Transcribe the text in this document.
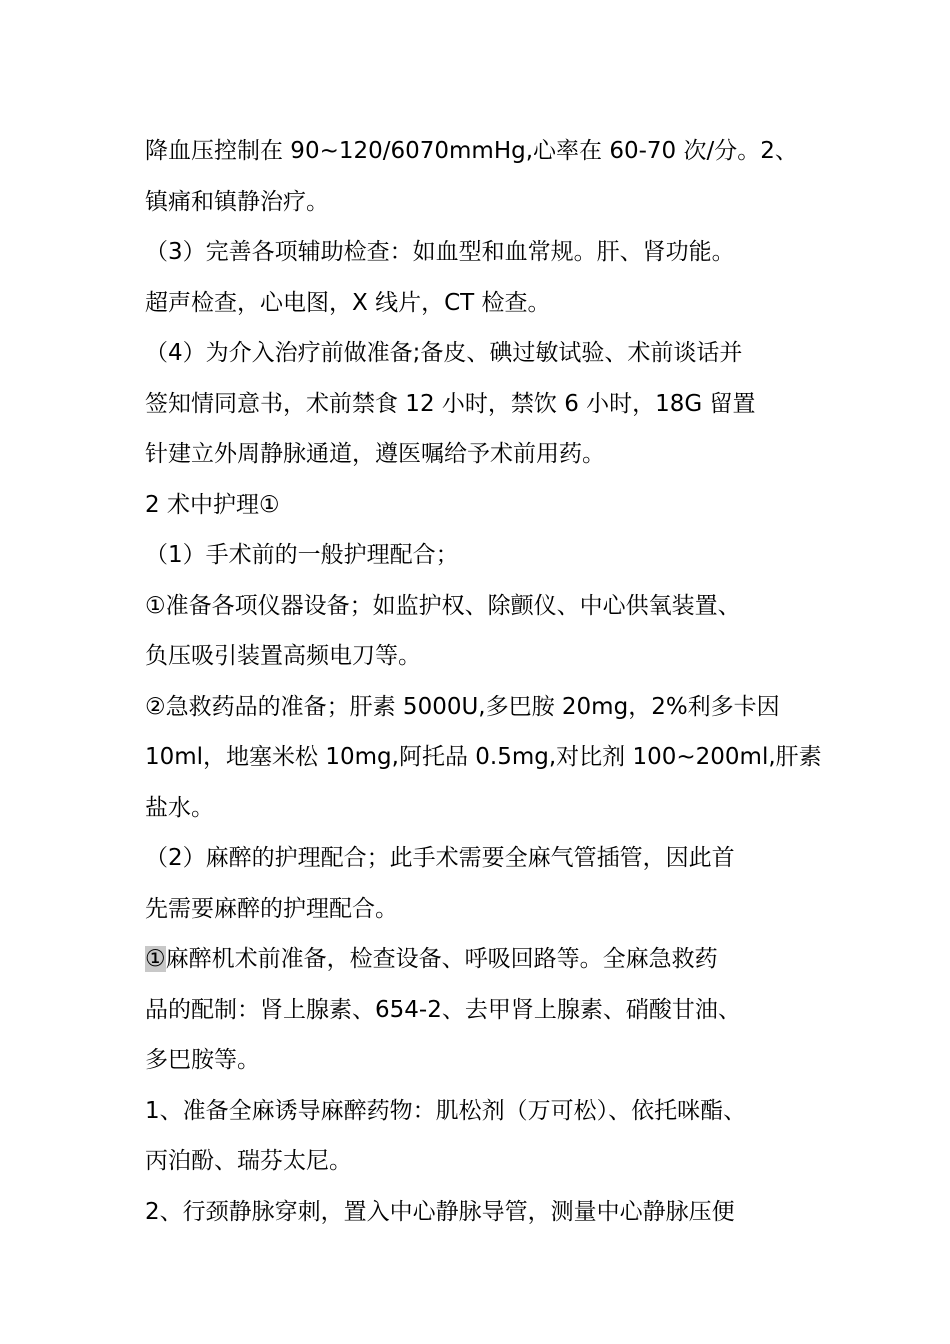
降血压控制在 90~120/6070mmHg,心率在 60-70 次/分。2、
镇痛和镇静治疗。
（3）完善各项辅助检查：如血型和血常规。肝、肾功能。
超声检查，心电图，X 线片，CT 检查。
（4）为介入治疗前做准备;备皮、碘过敏试验、术前谈话并
签知情同意书，术前禁食 12 小时，禁饮 6 小时，18G 留置
针建立外周静脉通道，遵医嘱给予术前用药。
2 术中护理①
（1）手术前的一般护理配合；
①准备各项仪器设备；如监护权、除颤仪、中心供氧装置、
负压吸引装置高频电刀等。
②急救药品的准备；肝素 5000U,多巴胺 20mg，2%利多卡因
10ml，地塞米松 10mg,阿托品 0.5mg,对比剂 100~200ml,肝素
盐水。
（2）麻醉的护理配合；此手术需要全麻气管插管，因此首
先需要麻醉的护理配合。
①麻醉机术前准备，检查设备、呼吸回路等。全麻急救药
品的配制：肾上腺素、654-2、去甲肾上腺素、硝酸甘油、
多巴胺等。
1、准备全麻诱导麻醉药物：肌松剂（万可松）、依托咪酯、
丙泊酚、瑞芬太尼。
2、行颈静脉穿刺，置入中心静脉导管，测量中心静脉压便
